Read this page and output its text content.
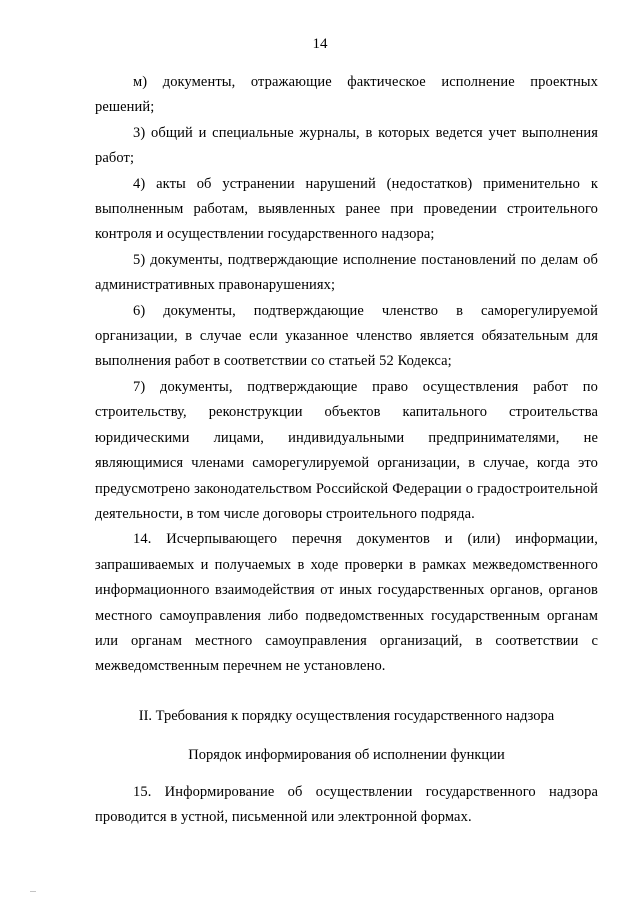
14

м) документы, отражающие фактическое исполнение проектных решений;

3) общий и специальные журналы, в которых ведется учет выполнения работ;

4) акты об устранении нарушений (недостатков) применительно к выполненным работам, выявленных ранее при проведении строительного контроля и осуществлении государственного надзора;

5) документы, подтверждающие исполнение постановлений по делам об административных правонарушениях;

6) документы, подтверждающие членство в саморегулируемой организации, в случае если указанное членство является обязательным для выполнения работ в соответствии со статьей 52 Кодекса;

7) документы, подтверждающие право осуществления работ по строительству, реконструкции объектов капитального строительства юридическими лицами, индивидуальными предпринимателями, не являющимися членами саморегулируемой организации, в случае, когда это предусмотрено законодательством Российской Федерации о градостроительной деятельности, в том числе договоры строительного подряда.

14. Исчерпывающего перечня документов и (или) информации, запрашиваемых и получаемых в ходе проверки в рамках межведомственного информационного взаимодействия от иных государственных органов, органов местного самоуправления либо подведомственных государственным органам или органам местного самоуправления организаций, в соответствии с межведомственным перечнем не установлено.

II. Требования к порядку осуществления государственного надзора
Порядок информирования об исполнении функции

15. Информирование об осуществлении государственного надзора проводится в устной, письменной или электронной формах.

...
